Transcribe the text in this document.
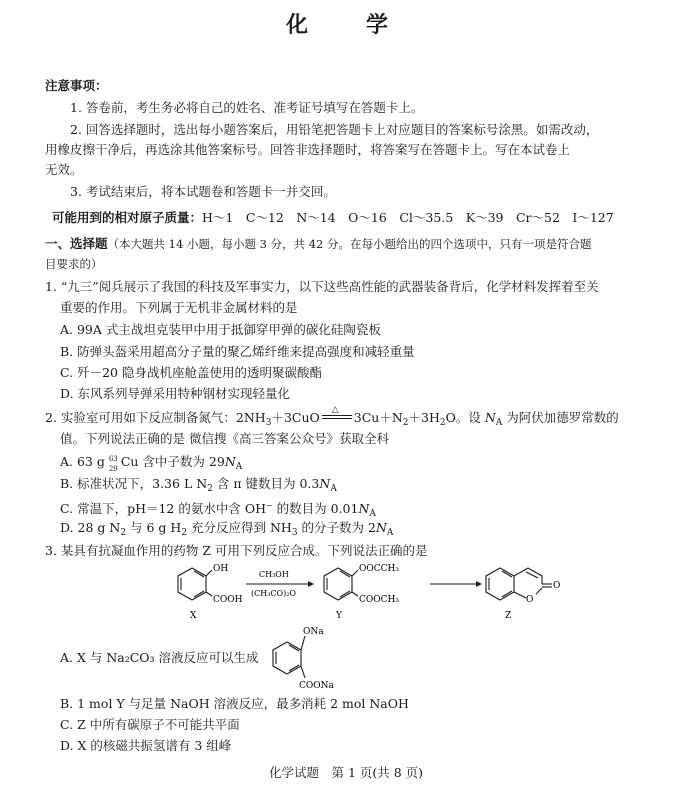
化　学
注意事项：
1. 答卷前，考生务必将自己的姓名、准考证号填写在答题卡上。
2. 回答选择题时，选出每小题答案后，用铅笔把答题卡上对应题目的答案标号涂黑。如需改动，
用橡皮擦干净后，再选涂其他答案标号。回答非选择题时，将答案写在答题卡上。写在本试卷上
无效。
3. 考试结束后，将本试题卷和答题卡一并交回。
可能用到的相对原子质量：H～1　C～12　N～14　O～16　Cl～35.5　K～39　Cr～52　I～127
一、选择题（本大题共 14 小题，每小题 3 分，共 42 分。在每小题给出的四个选项中，只有一项是符合题
目要求的）
1. “九三”阅兵展示了我国的科技及军事实力，以下这些高性能的武器装备背后，化学材料发挥着至关
重要的作用。下列属于无机非金属材料的是
A. 99A 式主战坦克装甲中用于抵御穿甲弹的碳化硅陶瓷板
B. 防弹头盔采用超高分子量的聚乙烯纤维来提高强度和减轻重量
C. 歼－20 隐身战机座舱盖使用的透明聚碳酸酯
D. 东风系列导弹采用特种钢材实现轻量化
2. 实验室可用如下反应制备氮气：$2NH_3+3CuO$ △ $3Cu+N_2+3H_2O$。设 $N_A$ 为阿伏加德罗常数的
值。下列说法正确的是 微信搜《高三答案公众号》获取全科
A. 63 g 63
29 Cu 含中子数为 $29N_A$
B. 标准状况下，3.36 L $N_2$ 含 π 键数目为 $0.3N_A$
C. 常温下，pH＝12 的氨水中含 OH− 的数目为 $0.01N_A$
D. 28 g $N_2$ 与 6 g $H_2$ 充分反应得到 $NH_3$ 的分子数为 $2N_A$
3. 某具有抗凝血作用的药物 Z 可用下列反应合成。下列说法正确的是
OH
COOH
CH₃OH
(CH₃CO)₂O
OOCCH₃
COOCH₃	O
O
X	Y	Z
A. X 与 Na₂CO₃ 溶液反应可以生成
ONa
COONa
B. 1 mol Y 与足量 NaOH 溶液反应，最多消耗 2 mol NaOH
C. Z 中所有碳原子不可能共平面
D. X 的核磁共振氢谱有 3 组峰
化学试题　第 1 页(共 8 页)
